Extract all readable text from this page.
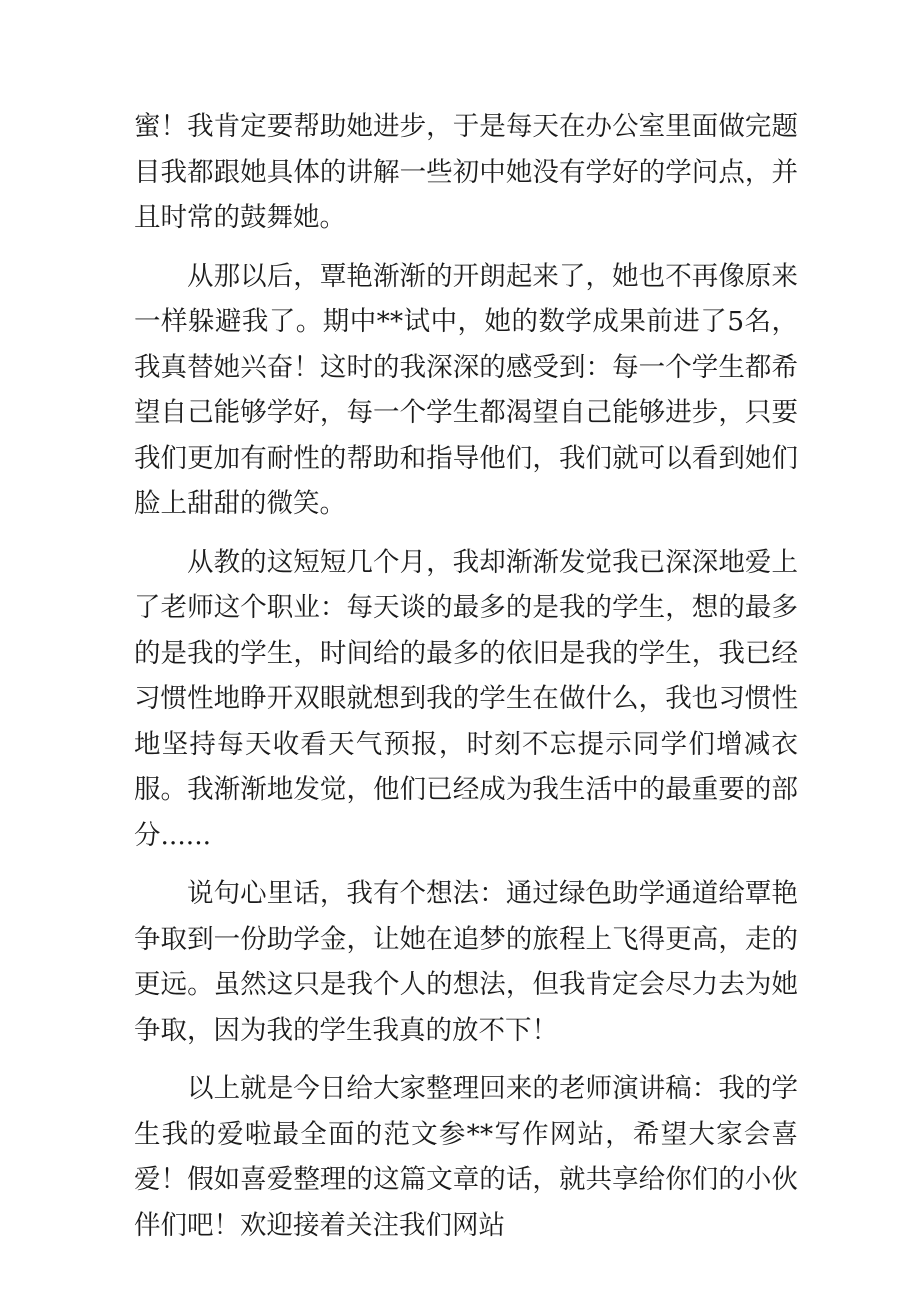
蜜！我肯定要帮助她进步，于是每天在办公室里面做完题目我都跟她具体的讲解一些初中她没有学好的学问点，并且时常的鼓舞她。

从那以后，覃艳渐渐的开朗起来了，她也不再像原来一样躲避我了。期中**试中，她的数学成果前进了5名，我真替她兴奋！这时的我深深的感受到：每一个学生都希望自己能够学好，每一个学生都渴望自己能够进步，只要我们更加有耐性的帮助和指导他们，我们就可以看到她们脸上甜甜的微笑。

从教的这短短几个月，我却渐渐发觉我已深深地爱上了老师这个职业：每天谈的最多的是我的学生，想的最多的是我的学生，时间给的最多的依旧是我的学生，我已经习惯性地睁开双眼就想到我的学生在做什么，我也习惯性地坚持每天收看天气预报，时刻不忘提示同学们增减衣服。我渐渐地发觉，他们已经成为我生活中的最重要的部分......

说句心里话，我有个想法：通过绿色助学通道给覃艳争取到一份助学金，让她在追梦的旅程上飞得更高，走的更远。虽然这只是我个人的想法，但我肯定会尽力去为她争取，因为我的学生我真的放不下！

以上就是今日给大家整理回来的老师演讲稿：我的学生我的爱啦最全面的范文参**写作网站，希望大家会喜爱！假如喜爱整理的这篇文章的话，就共享给你们的小伙伴们吧！欢迎接着关注我们网站
